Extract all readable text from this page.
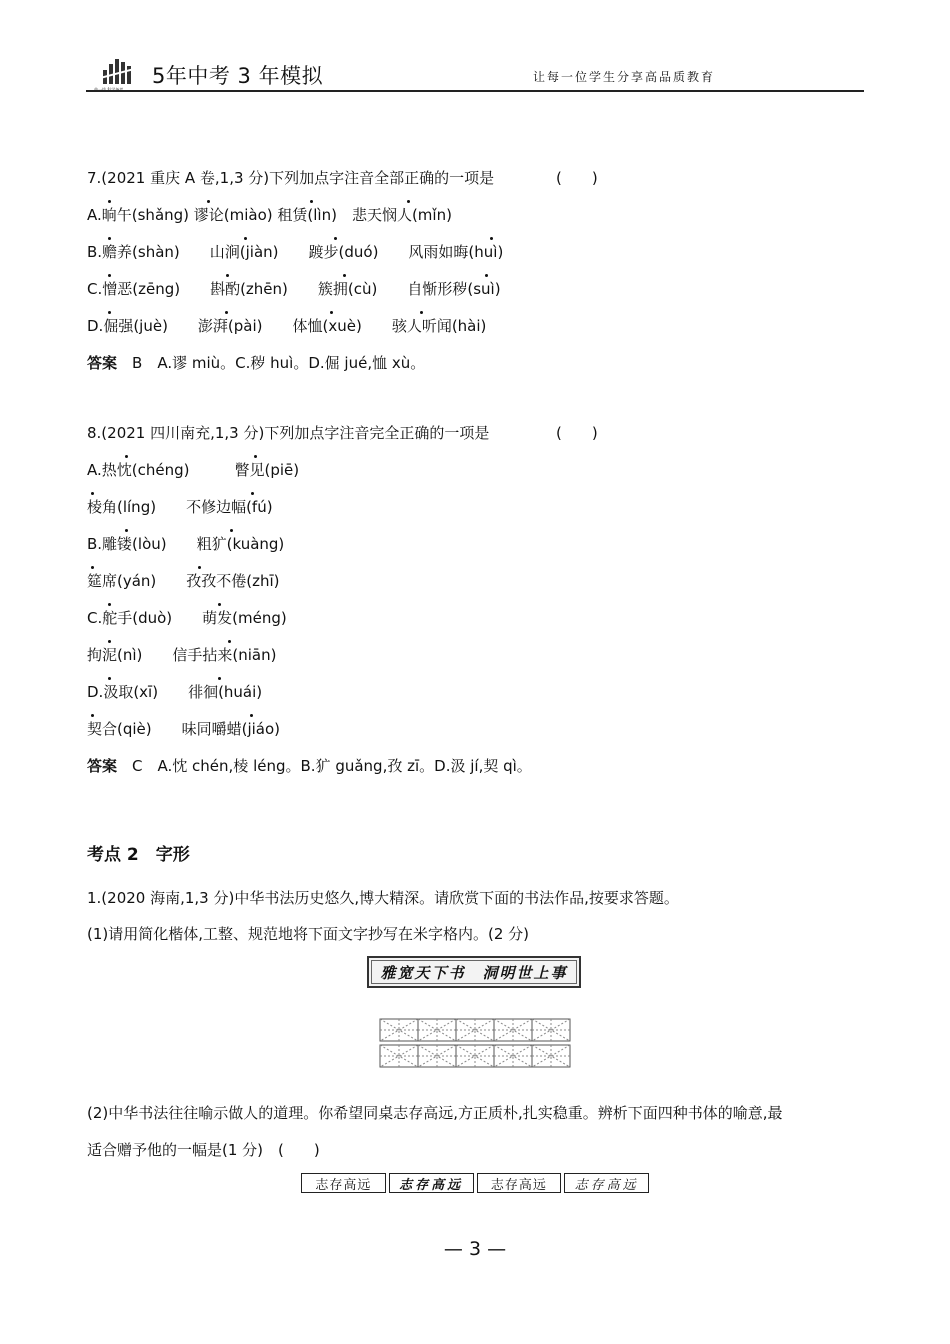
5年中考 3 年模拟	让每一位学生分享高品质教育
7.(2021 重庆 A 卷,1,3 分)下列加点字注音全部正确的一项是	(　　)
A.晌午(shǎng) 谬论(miào) 租赁(lìn)　悲天悯人(mǐn)
B.赡养(shàn)　　山涧(jiàn)　　踱步(duó)　　风雨如晦(huì)
C.憎恶(zēng)　　斟酌(zhēn)　　簇拥(cù)　　自惭形秽(suì)
D.倔强(juè)　　澎湃(pài)　　体恤(xuè)　　骇人听闻(hài)
答案　 B　A.谬 miù。C.秽 huì。D.倔 jué,恤 xù。
8.(2021 四川南充,1,3 分)下列加点字注音完全正确的一项是	(　　)
A.热忱(chéng)　　　瞥见(piē)
棱角(líng)　　不修边幅(fú)
B.雕镂(lòu)　　粗犷(kuàng)
筵席(yán)　　孜孜不倦(zhī)
C.舵手(duò)　　萌发(méng)
拘泥(nì)　　信手拈来(niān)
D.汲取(xī)　　徘徊(huái)
契合(qiè)　　味同嚼蜡(jiáo)
答案　 C　A.忱 chén,棱 léng。B.犷 guǎng,孜 zī。D.汲 jí,契 qì。
考点 2　字形
1.(2020 海南,1,3 分)中华书法历史悠久,博大精深。请欣赏下面的书法作品,按要求答题。
(1)请用简化楷体,工整、规范地将下面文字抄写在米字格内。(2 分)
雅宽天下书　洞明世上事
(2)中华书法往往喻示做人的道理。你希望同桌志存高远,方正质朴,扎实稳重。辨析下面四种书体的喻意,最
适合赠予他的一幅是(1 分)　(　　)
志存高远	志存高远	志存高远	志存高远
— 3 —
